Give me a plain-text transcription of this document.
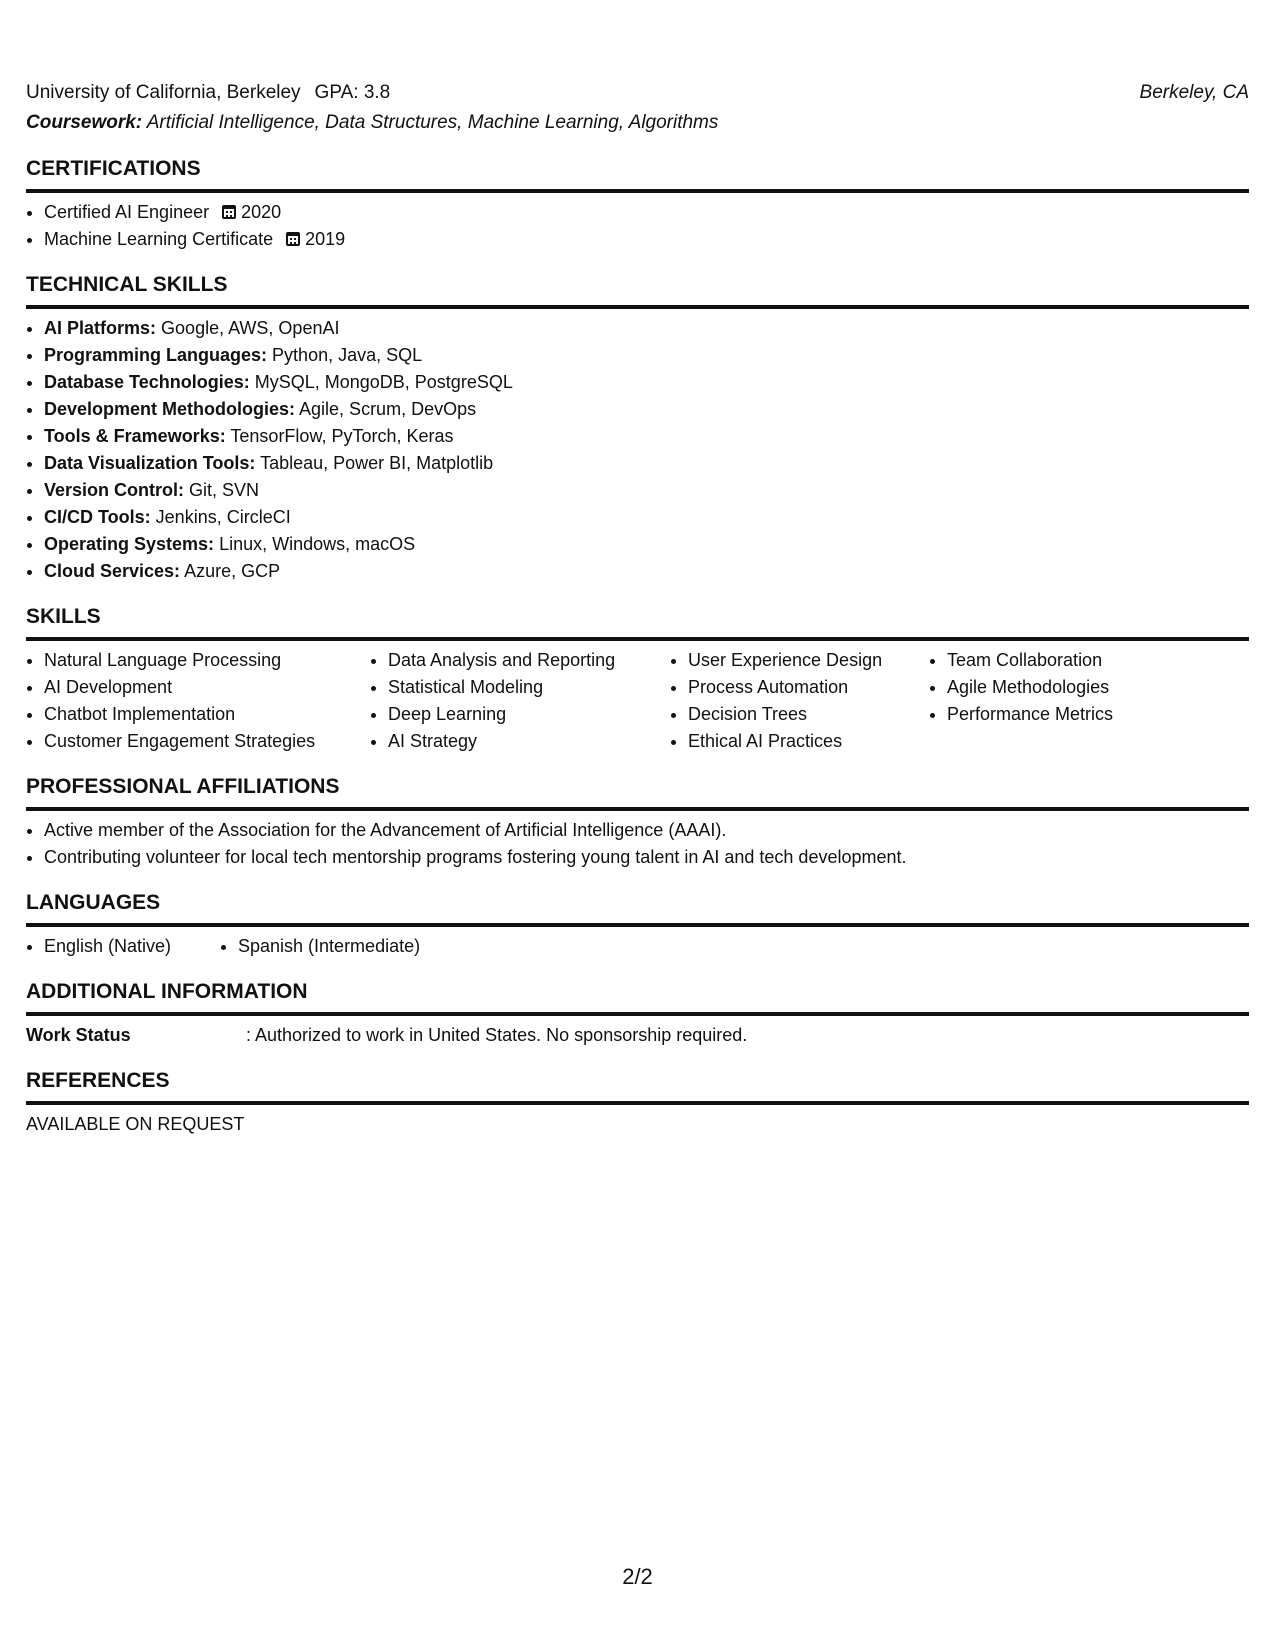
University of California, Berkeley GPA: 3.8	Berkeley, CA
Coursework: Artificial Intelligence, Data Structures, Machine Learning, Algorithms
CERTIFICATIONS
• Certified AI Engineer 2020
• Machine Learning Certificate 2019
TECHNICAL SKILLS
• AI Platforms: Google, AWS, OpenAI
• Programming Languages: Python, Java, SQL
• Database Technologies: MySQL, MongoDB, PostgreSQL
• Development Methodologies: Agile, Scrum, DevOps
• Tools & Frameworks: TensorFlow, PyTorch, Keras
• Data Visualization Tools: Tableau, Power BI, Matplotlib
• Version Control: Git, SVN
• CI/CD Tools: Jenkins, CircleCI
• Operating Systems: Linux, Windows, macOS
• Cloud Services: Azure, GCP
SKILLS
• Natural Language Processing
• AI Development
• Chatbot Implementation
• Customer Engagement Strategies
• Data Analysis and Reporting
• Statistical Modeling
• Deep Learning
• AI Strategy
• User Experience Design
• Process Automation
• Decision Trees
• Ethical AI Practices
• Team Collaboration
• Agile Methodologies
• Performance Metrics
PROFESSIONAL AFFILIATIONS
• Active member of the Association for the Advancement of Artificial Intelligence (AAAI).
• Contributing volunteer for local tech mentorship programs fostering young talent in AI and tech development.
LANGUAGES
• English (Native)
•	Spanish (Intermediate)
ADDITIONAL INFORMATION
Work Status	: Authorized to work in United States. No sponsorship required.
REFERENCES
AVAILABLE ON REQUEST
2/2
